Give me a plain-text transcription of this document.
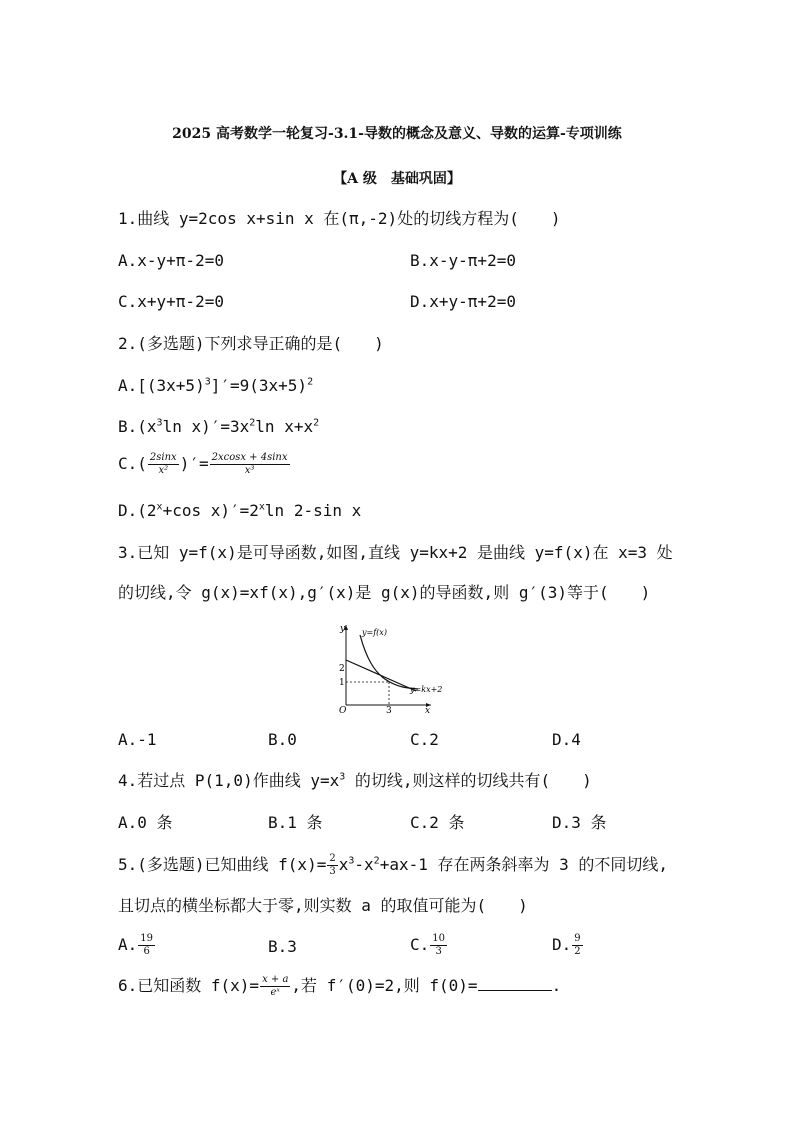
2025 高考数学一轮复习-3.1-导数的概念及意义、导数的运算-专项训练
【A 级　基础巩固】
1.曲线 y=2cos x+sin x 在(π,-2)处的切线方程为(　　)
A.x-y+π-2=0	B.x-y-π+2=0
C.x+y+π-2=0	D.x+y-π+2=0
2.(多选题)下列求导正确的是(　　)
$A.[(3x+5)^3]'=9(3x+5)^2$
$B.(x^3\ln$ $x)'=3x^2\ln$ $x+x^2$
$C.( \frac{2\sin x}{\text{x²}}$ )′= $\frac{2xcosx + 4\sin x}{\text{x³}}$
$D.(2^x+\cos$ $x)'=2^x\ln$ 2-sin x
3.已知 y=f(x)是可导函数,如图,直线 y=kx+2 是曲线 y=f(x)在 x=3 处
的切线,令 g(x)=xf(x),g′(x)是 g(x)的导函数,则 g′(3)等于(　　)
y
x
O
y=f(x)
y=kx+2
2
1
3
A.-1	B.0	C.2	D.4
4.若过点 P(1,0)作曲线 $y=x^3$ 的切线,则这样的切线共有(　　)
A.0 条	B.1 条	C.2 条	D.3 条
5.(多选题)已知曲线 $f(x)= \frac{2}{3} x^3-x^2+ax-1$ 存在两条斜率为 3 的不同切线,
且切点的横坐标都大于零,则实数 a 的取值可能为(　　)
A. $\frac{19}{6}$	B.3	C. $\frac{10}{3}$	D. $\frac{9}{2}$
6.已知函数 $f(x)= \frac{x + a}{\text{eˣ}}$ ,若 f′(0)=2,则 f(0)=	.
